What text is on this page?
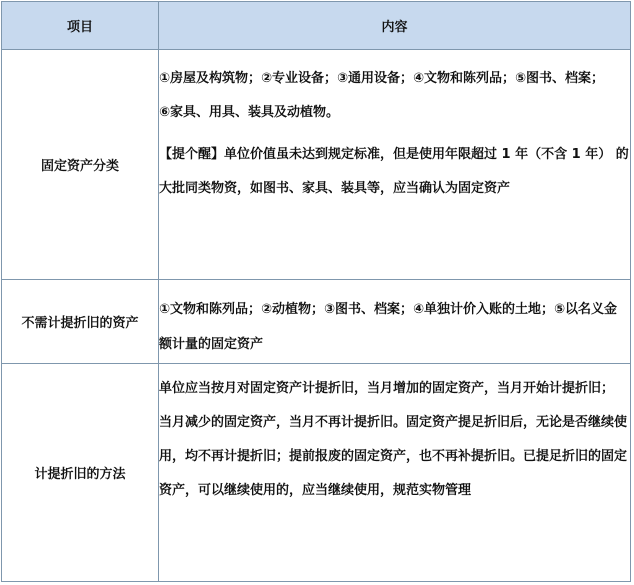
项目	内容
固定资产分类	①房屋及构筑物；②专业设备；③通用设备；④文物和陈列品；⑤图书、档案；

⑥家具、用具、装具及动植物。

【提个醒】单位价值虽未达到规定标准，但是使用年限超过 1 年（不含 1 年） 的大批同类物资，如图书、家具、装具等，应当确认为固定资产

不需计提折旧的资产	①文物和陈列品；②动植物；③图书、档案；④单独计价入账的土地；⑤以名义金额计量的固定资产

计提折旧的方法	单位应当按月对固定资产计提折旧，当月增加的固定资产，当月开始计提折旧； 当月减少的固定资产，当月不再计提折旧。固定资产提足折旧后，无论是否继续使用，均不再计提折旧；提前报废的固定资产，也不再补提折旧。已提足折旧的固定资产，可以继续使用的，应当继续使用，规范实物管理
